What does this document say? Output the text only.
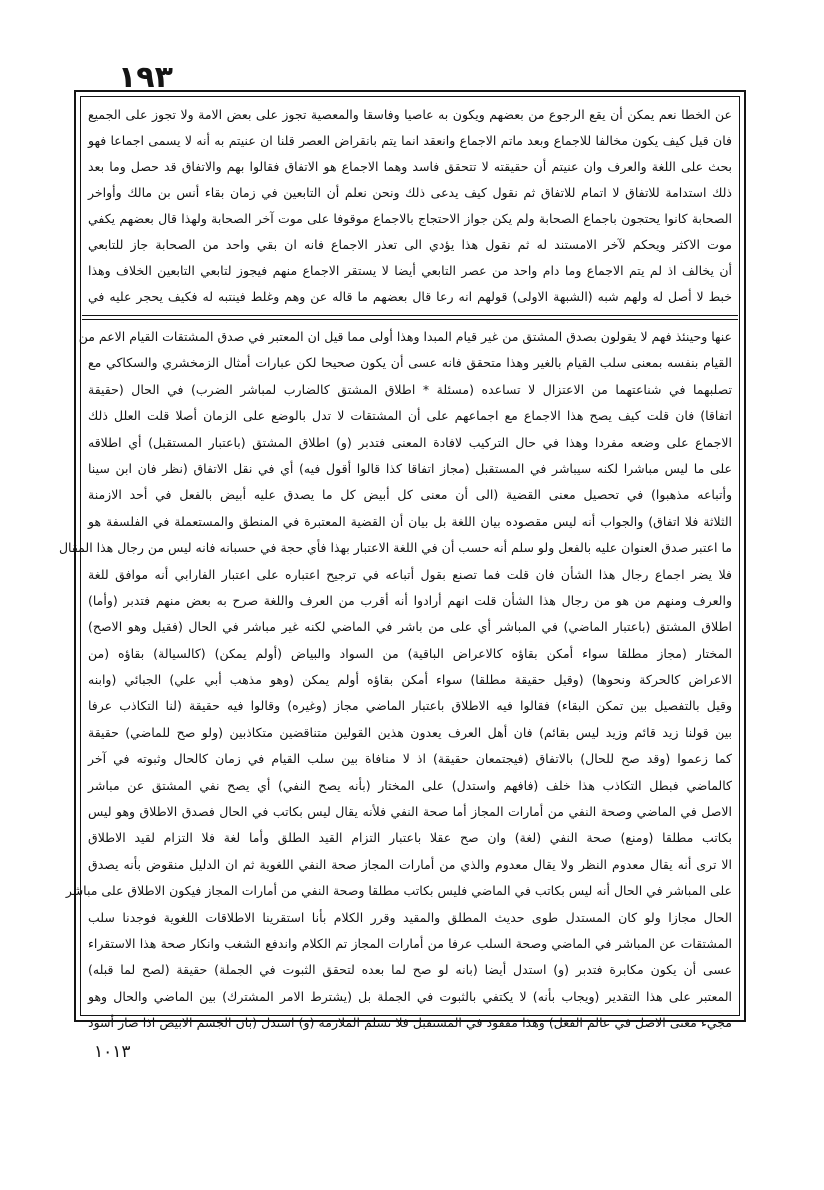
١٩٣
عن الخطا نعم يمكن أن يقع الرجوع من بعضهم ويكون به عاصيا وفاسقا والمعصية تجوز على بعض الامة ولا تجوز على الجميع
فان قيل كيف يكون مخالفا للاجماع وبعد ماتم الاجماع وانعقد انما يتم بانقراض العصر قلنا ان عنيتم به أنه لا يسمى اجماعا فهو
بحث على اللغة والعرف وان عنيتم أن حقيقته لا تتحقق فاسد وهما الاجماع هو الاتفاق فقالوا بهم والاتفاق قد حصل وما بعد
ذلك استدامة للاتفاق لا اتمام للاتفاق ثم نقول كيف يدعى ذلك ونحن نعلم أن التابعين في زمان بقاء أنس بن مالك وأواخر
الصحابة كانوا يحتجون باجماع الصحابة ولم يكن جواز الاحتجاج بالاجماع موقوفا على موت آخر الصحابة ولهذا قال بعضهم يكفي
موت الاكثر ويحكم لآخر الامستند له ثم نقول هذا يؤدي الى تعذر الاجماع فانه ان بقي واحد من الصحابة جاز للتابعي
أن يخالف اذ لم يتم الاجماع وما دام واحد من عصر التابعي أيضا لا يستقر الاجماع منهم فيجوز لتابعي التابعين الخلاف وهذا
خبط لا أصل له ولهم شبه (الشبهة الاولى) قولهم انه رعا قال بعضهم ما قاله عن وهم وغلط فينتبه له فكيف يحجر عليه في
عنها وحينئذ فهم لا يقولون بصدق المشتق من غير قيام المبدا وهذا أولى مما قيل ان المعتبر في صدق المشتقات القيام الاعم من
القيام بنفسه بمعنى سلب القيام بالغير وهذا متحقق فانه عسى أن يكون صحيحا لكن عبارات أمثال الزمخشري والسكاكي مع
تصلبهما في شناعتهما من الاعتزال لا تساعده (مسئلة * اطلاق المشتق كالضارب لمباشر الضرب) في الحال (حقيقة
اتفاقا) فان قلت كيف يصح هذا الاجماع مع اجماعهم على أن المشتقات لا تدل بالوضع على الزمان أصلا قلت العلل ذلك
الاجماع على وضعه مفردا وهذا في حال التركيب لافادة المعنى فتدبر (و) اطلاق المشتق (باعتبار المستقبل) أي اطلاقه
على ما ليس مباشرا لكنه سيباشر في المستقبل (مجاز اتفاقا كذا قالوا أقول فيه) أي في نقل الاتفاق (نظر فان ابن سينا
وأتباعه مذهبوا) في تحصيل معنى القضية (الى أن معنى كل أبيض كل ما يصدق عليه أبيض بالفعل في أحد الازمنة
الثلاثة فلا اتفاق) والجواب أنه ليس مقصوده بيان اللغة بل بيان أن القضية المعتبرة في المنطق والمستعملة في الفلسفة هو
ما اعتبر صدق العنوان عليه بالفعل ولو سلم أنه حسب أن في اللغة الاعتبار بهذا فأي حجة في حسبانه فانه ليس من رجال هذا المقال
فلا يضر اجماع رجال هذا الشأن فان قلت فما تصنع بقول أتباعه في ترجيح اعتباره على اعتبار الفارابي أنه موافق للغة
والعرف ومنهم من هو من رجال هذا الشأن قلت انهم أرادوا أنه أقرب من العرف واللغة صرح به بعض منهم فتدبر (وأما)
اطلاق المشتق (باعتبار الماضي) في المباشر أي على من باشر في الماضي لكنه غير مباشر في الحال (فقيل وهو الاصح)
المختار (مجاز مطلقا سواء أمكن بقاؤه كالاعراض الباقية) من السواد والبياض (أولم يمكن) (كالسيالة) بقاؤه (من
الاعراض كالحركة ونحوها) (وقيل حقيقة مطلقا) سواء أمكن بقاؤه أولم يمكن (وهو مذهب أبي علي) الجبائي (وابنه
وقيل بالتفصيل بين تمكن البقاء) فقالوا فيه الاطلاق باعتبار الماضي مجاز (وغيره) وقالوا فيه حقيقة (لنا التكاذب عرفا
بين قولنا زيد قائم وزيد ليس بقائم) فان أهل العرف يعدون هذين القولين متناقضين متكاذبين (ولو صح للماضي) حقيقة
كما زعموا (وقد صح للحال) بالاتفاق (فيجتمعان حقيقة) اذ لا منافاة بين سلب القيام في زمان كالحال وثبوته في آخر
كالماضي فبطل التكاذب هذا خلف (فافهم واستدل) على المختار (بأنه يصح النفي) أي يصح نفي المشتق عن مباشر
الاصل في الماضي وصحة النفي من أمارات المجاز أما صحة النفي فلأنه يقال ليس بكاتب في الحال فصدق الاطلاق وهو ليس
بكاتب مطلقا (ومنع) صحة النفي (لغة) وان صح عقلا باعتبار التزام القيد الطلق وأما لغة فلا التزام لقيد الاطلاق
الا ترى أنه يقال معدوم النظر ولا يقال معدوم والذي من أمارات المجاز صحة النفي اللغوية ثم ان الدليل منقوض بأنه يصدق
على المباشر في الحال أنه ليس بكاتب في الماضي فليس بكاتب مطلقا وصحة النفي من أمارات المجاز فيكون الاطلاق على مباشر
الحال مجازا ولو كان المستدل طوى حديث المطلق والمقيد وقرر الكلام بأنا استقرينا الاطلاقات اللغوية فوجدنا سلب
المشتقات عن المباشر في الماضي وصحة السلب عرفا من أمارات المجاز تم الكلام واندفع الشغب وانكار صحة هذا الاستقراء
عسى أن يكون مكابرة فتدبر (و) استدل أيضا (بانه لو صح لما بعده لتحقق الثبوت في الجملة) حقيقة (لصح لما قبله)
المعتبر على هذا التقدير (ويجاب بأنه) لا يكتفي بالثبوت في الجملة بل (يشترط الامر المشترك) بين الماضي والحال وهو
مجيء معنى الاصل في عالم الفعل) وهذا مفقود في المستقبل فلا نسلم الملازمة (و) استدل (بان الجسم الابيض اذا صار أسود
١٠١٣
